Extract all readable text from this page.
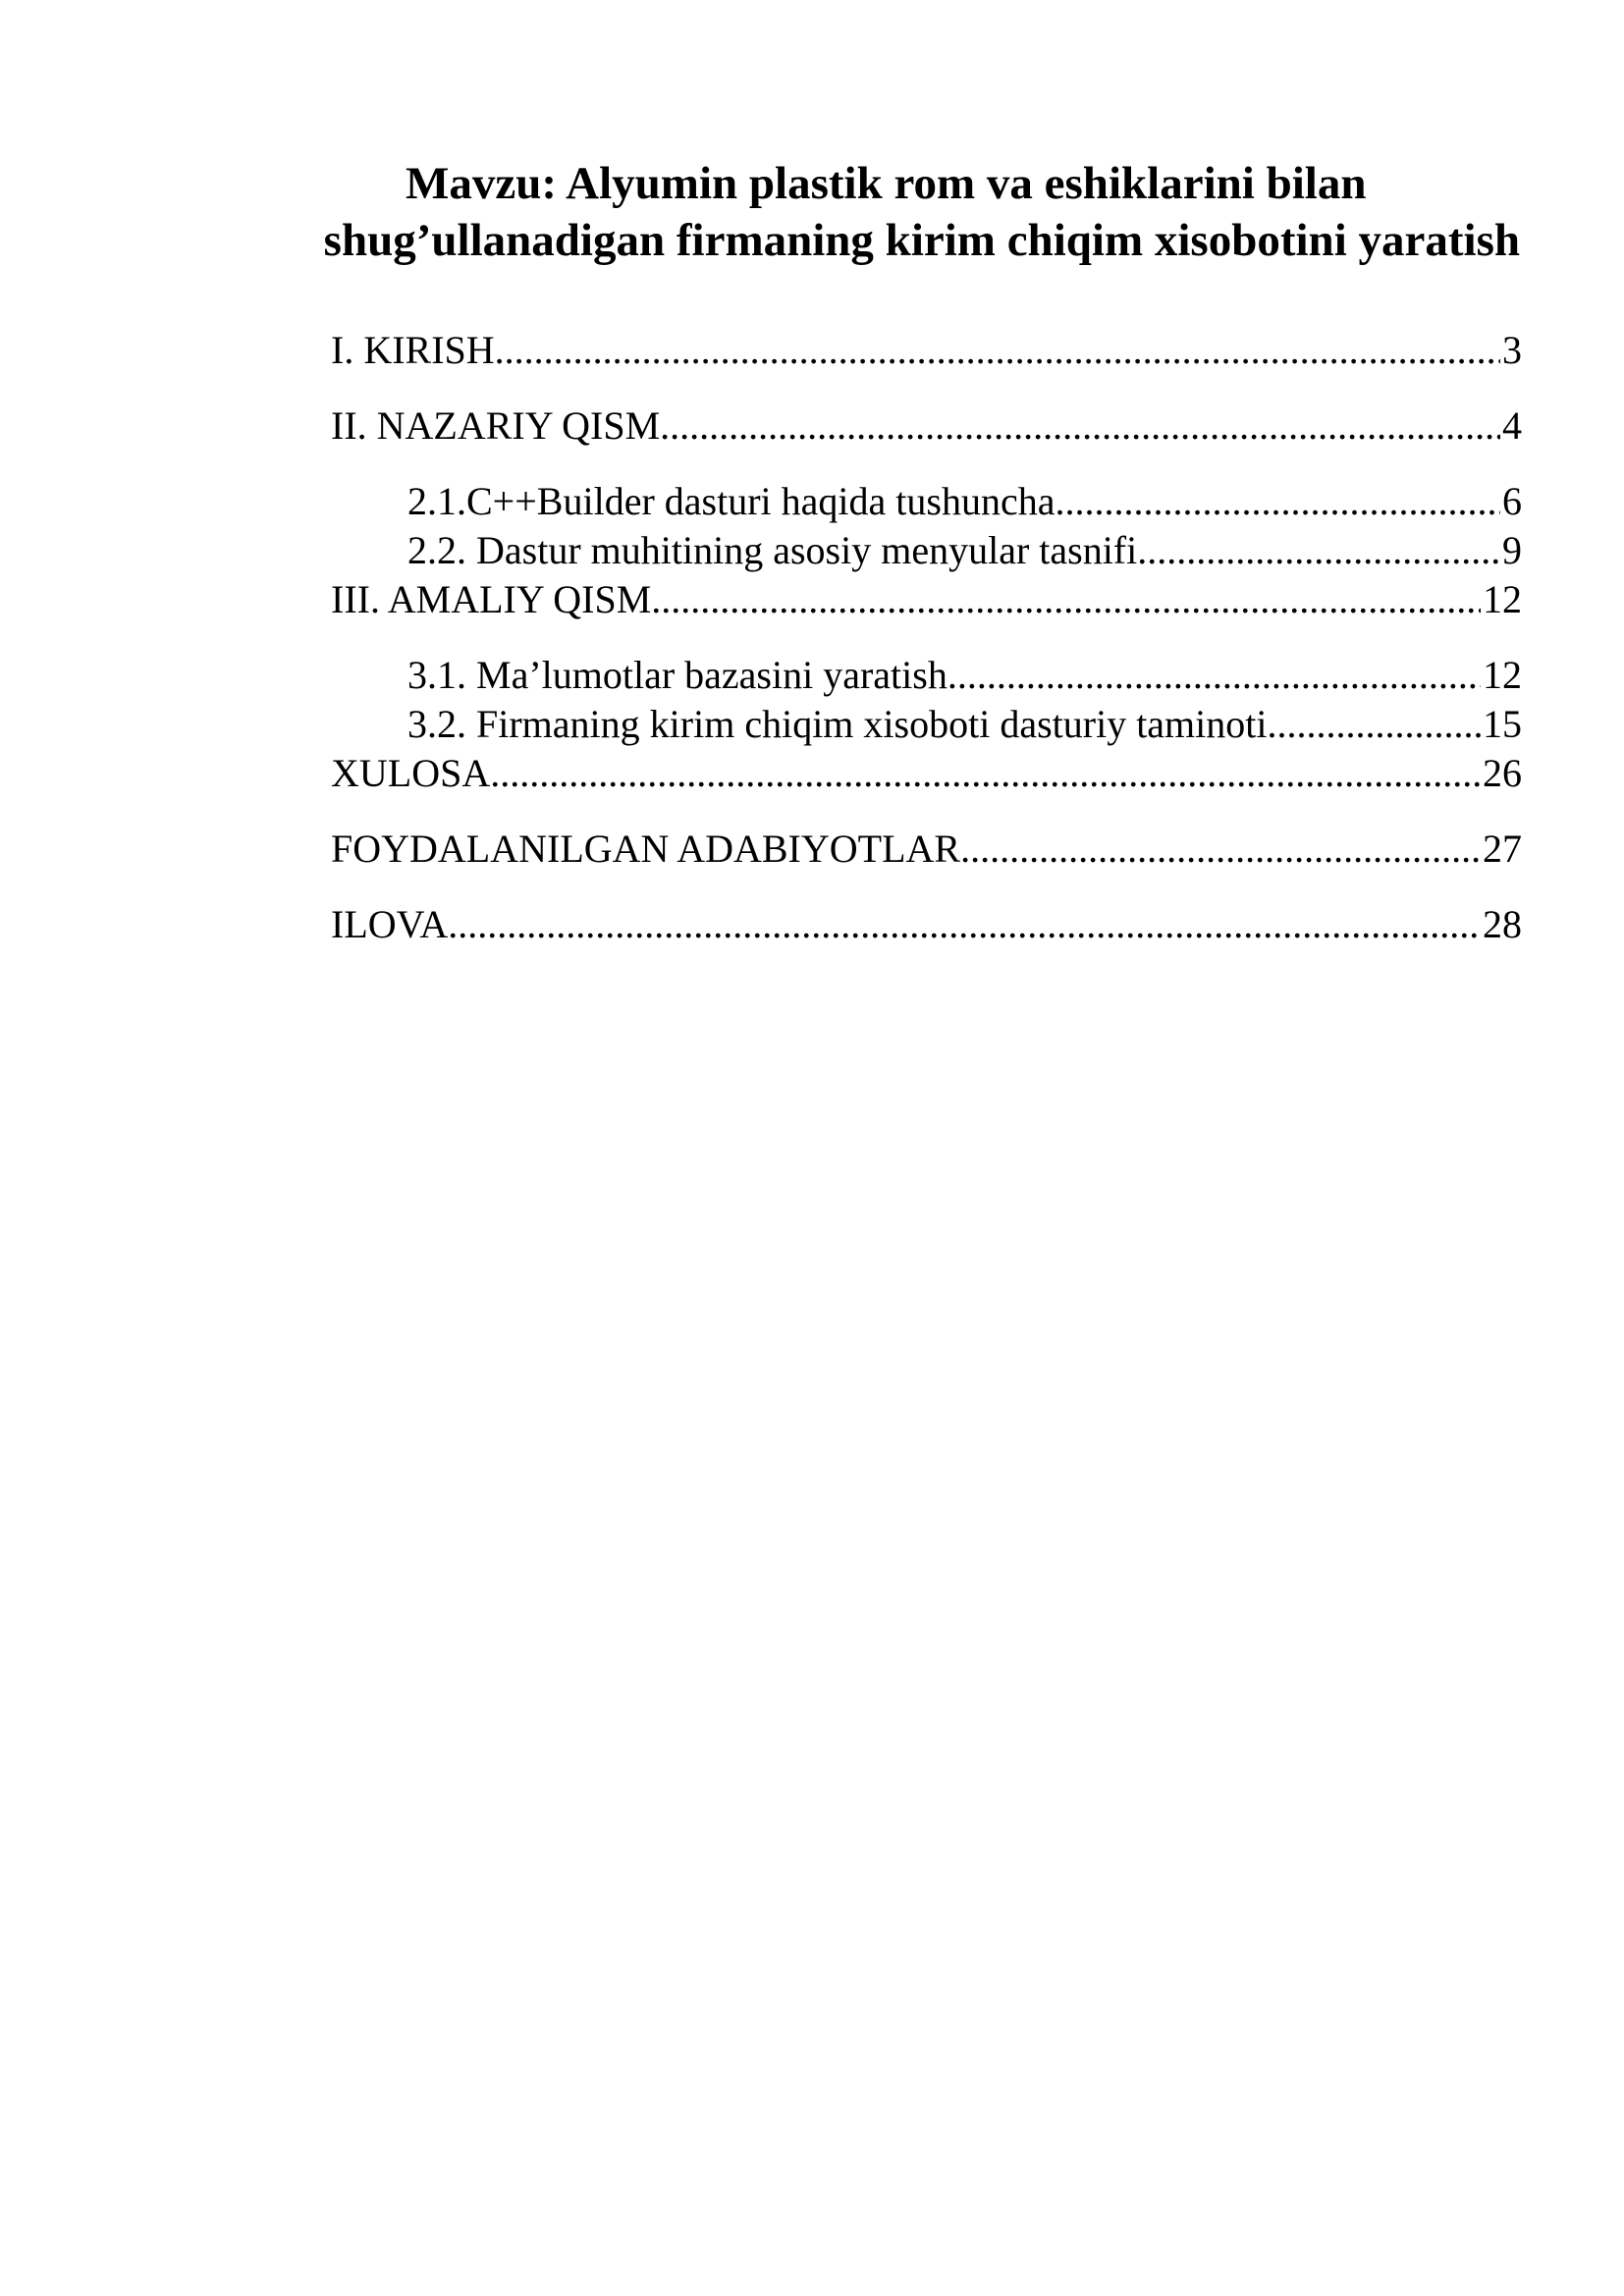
Mavzu: Alyumin plastik rom va eshiklarini bilan
shug’ullanadigan firmaning kirim chiqim xisobotini yaratish
I. KIRISH. .....	3
II. NAZARIY QISM. .....	4
2.1.C++Builder dasturi haqida tushuncha. .....	6
2.2. Dastur muhitining asosiy menyular tasnifi .....	9
III. AMALIY QISM. .....	12
3.1. Ma’lumotlar bazasini yaratish .....	12
3.2. Firmaning kirim chiqim xisoboti dasturiy taminoti .....	15
XULOSA .....	26
FOYDALANILGAN ADABIYOTLAR. .....	27
ILOVA .....	28
